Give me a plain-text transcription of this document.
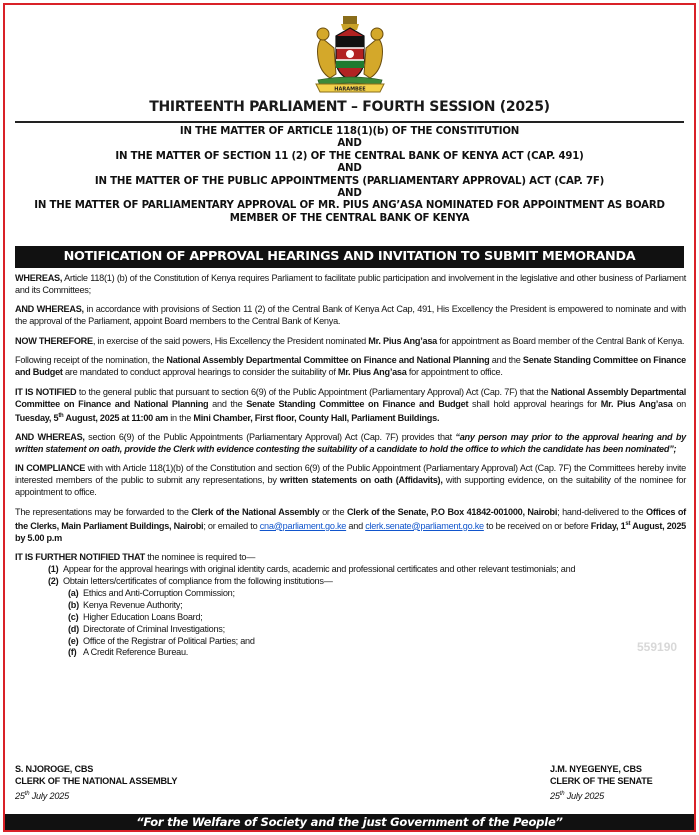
HARAMBEE
THIRTEENTH PARLIAMENT – FOURTH SESSION (2025)
IN THE MATTER OF ARTICLE 118(1)(b) OF THE CONSTITUTION
AND
IN THE MATTER OF SECTION 11 (2) OF THE CENTRAL BANK OF KENYA ACT (CAP. 491)
AND
IN THE MATTER OF THE PUBLIC APPOINTMENTS (PARLIAMENTARY APPROVAL) ACT (CAP. 7F)
AND
IN THE MATTER OF PARLIAMENTARY APPROVAL OF MR. PIUS ANG’ASA NOMINATED FOR APPOINTMENT AS BOARD MEMBER OF THE CENTRAL BANK OF KENYA
NOTIFICATION OF APPROVAL HEARINGS AND INVITATION TO SUBMIT MEMORANDA

WHEREAS, Article 118(1) (b) of the Constitution of Kenya requires Parliament to facilitate public participation and involvement in the legislative and other business of Parliament and its Committees;

AND WHEREAS, in accordance with provisions of Section 11 (2) of the Central Bank of Kenya Act Cap, 491, His Excellency the President is empowered to nominate and with the approval of the Parliament, appoint Board members to the Central Bank of Kenya.

NOW THEREFORE, in exercise of the said powers, His Excellency the President nominated Mr. Pius Ang’asa for appointment as Board member of the Central Bank of Kenya.

Following receipt of the nomination, the National Assembly Departmental Committee on Finance and National Planning and the Senate Standing Committee on Finance and Budget are mandated to conduct approval hearings to consider the suitability of Mr. Pius Ang’asa for appointment to office.

IT IS NOTIFIED to the general public that pursuant to section 6(9) of the Public Appointment (Parliamentary Approval) Act (Cap. 7F) that the National Assembly Departmental Committee on Finance and National Planning and the Senate Standing Committee on Finance and Budget shall hold approval hearings for Mr. Pius Ang’asa on Tuesday, 5th August, 2025 at 11:00 am in the Mini Chamber, First floor, County Hall, Parliament Buildings.

AND WHEREAS, section 6(9) of the Public Appointments (Parliamentary Approval) Act (Cap. 7F) provides that “any person may prior to the approval hearing and by written statement on oath, provide the Clerk with evidence contesting the suitability of a candidate to hold the office to which the candidate has been nominated”;

IN COMPLIANCE with with Article 118(1)(b) of the Constitution and section 6(9) of the Public Appointment (Parliamentary Approval) Act (Cap. 7F) the Committees hereby invite interested members of the public to submit any representations, by written statements on oath (Affidavits), with supporting evidence, on the suitability of the nominee for appointment to office.

The representations may be forwarded to the Clerk of the National Assembly or the Clerk of the Senate, P.O Box 41842-001000, Nairobi; hand-delivered to the Offices of the Clerks, Main Parliament Buildings, Nairobi; or emailed to cna@parliament.go.ke and clerk.senate@parliament.go.ke to be received on or before Friday, 1st August, 2025 by 5.00 p.m

IT IS FURTHER NOTIFIED THAT the nominee is required to—

(1) Appear for the approval hearings with original identity cards, academic and professional certificates and other relevant testimonials; and
(2) Obtain letters/certificates of compliance from the following institutions—
(a) Ethics and Anti-Corruption Commission;
(b) Kenya Revenue Authority;
(c) Higher Education Loans Board;
(d) Directorate of Criminal Investigations;
(e) Office of the Registrar of Political Parties; and
(f) A Credit Reference Bureau.	559190
S. NJOROGE, CBS
CLERK OF THE NATIONAL ASSEMBLY
25th July 2025
J.M. NYEGENYE, CBS
CLERK OF THE SENATE
25th July 2025
“For the Welfare of Society and the just Government of the People”
